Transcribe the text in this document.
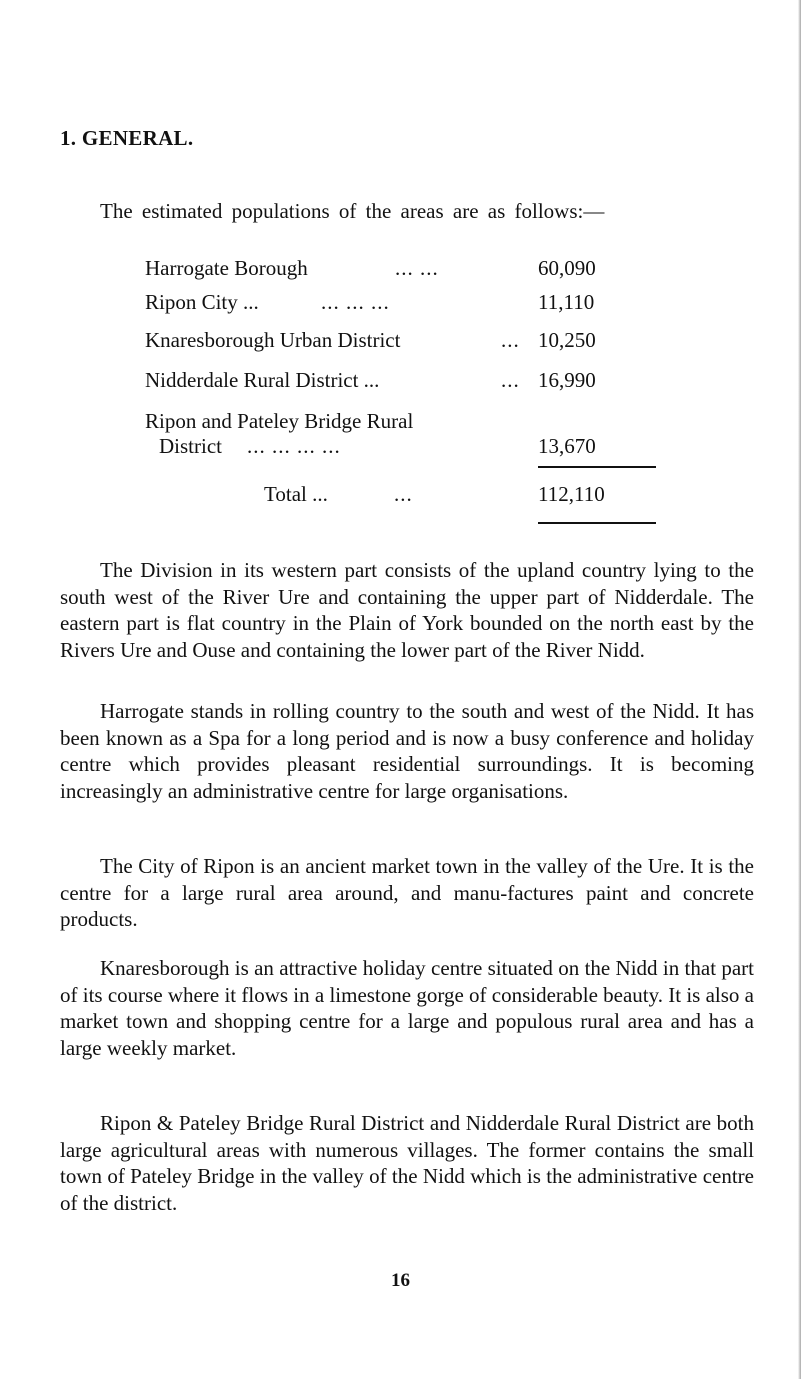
1. GENERAL.
The estimated populations of the areas are as follows:—
Harrogate Borough	... ...	60,090
Ripon City ...	... ... ...	11,110
Knaresborough Urban District	... 10,250
Nidderdale Rural District ...	... 16,990
Ripon and Pateley Bridge Rural
District ... ... ... ...	13,670
Total ...	...	112,110

The Division in its western part consists of the upland country lying to the south west of the River Ure and containing the upper part of Nidderdale. The eastern part is flat country in the Plain of York bounded on the north east by the Rivers Ure and Ouse and containing the lower part of the River Nidd.

Harrogate stands in rolling country to the south and west of the Nidd. It has been known as a Spa for a long period and is now a busy conference and holiday centre which provides pleasant residential surroundings. It is becoming increasingly an administrative centre for large organisations.

The City of Ripon is an ancient market town in the valley of the Ure. It is the centre for a large rural area around, and manu-factures paint and concrete products.

Knaresborough is an attractive holiday centre situated on the Nidd in that part of its course where it flows in a limestone gorge of considerable beauty. It is also a market town and shopping centre for a large and populous rural area and has a large weekly market.

Ripon & Pateley Bridge Rural District and Nidderdale Rural District are both large agricultural areas with numerous villages. The former contains the small town of Pateley Bridge in the valley of the Nidd which is the administrative centre of the district.

16
